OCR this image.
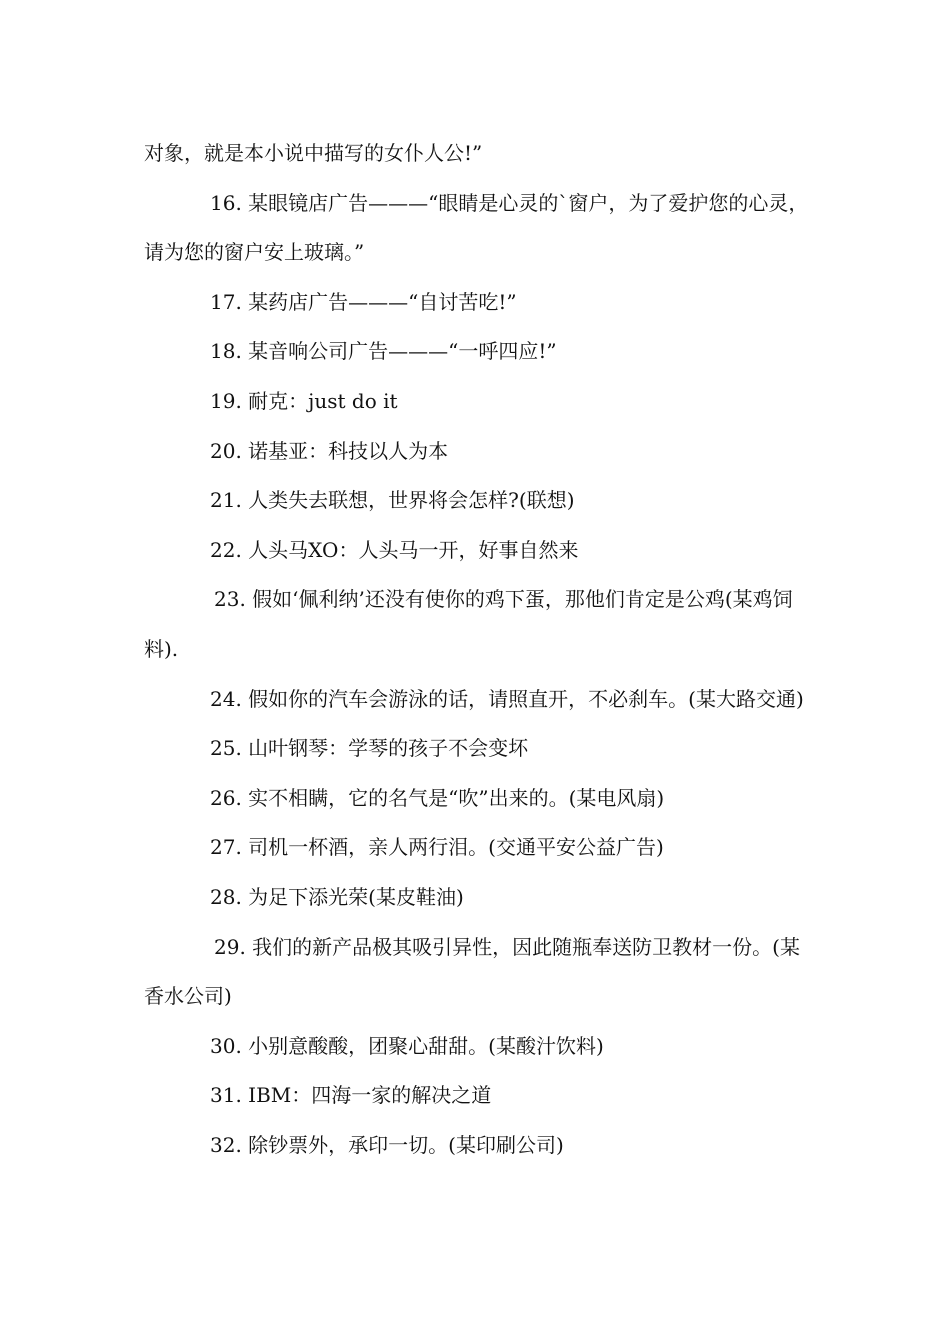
对象，就是本小说中描写的女仆人公!”

16. 某眼镜店广告———“眼睛是心灵的`窗户，为了爱护您的心灵，请为您的窗户安上玻璃。”

17. 某药店广告———“自讨苦吃!”

18. 某音响公司广告———“一呼四应!”

19. 耐克：just do it

20. 诺基亚：科技以人为本

21. 人类失去联想，世界将会怎样?(联想)

22. 人头马XO：人头马一开，好事自然来

23. 假如‘佩利纳’还没有使你的鸡下蛋，那他们肯定是公鸡(某鸡饲料).

24. 假如你的汽车会游泳的话，请照直开，不必刹车。(某大路交通)

25. 山叶钢琴：学琴的孩子不会变坏

26. 实不相瞒，它的名气是“吹”出来的。(某电风扇)

27. 司机一杯酒，亲人两行泪。(交通平安公益广告)

28. 为足下添光荣(某皮鞋油)

29. 我们的新产品极其吸引异性，因此随瓶奉送防卫教材一份。(某香水公司)

30. 小别意酸酸，团聚心甜甜。(某酸汁饮料)

31. IBM：四海一家的解决之道

32. 除钞票外，承印一切。(某印刷公司)
